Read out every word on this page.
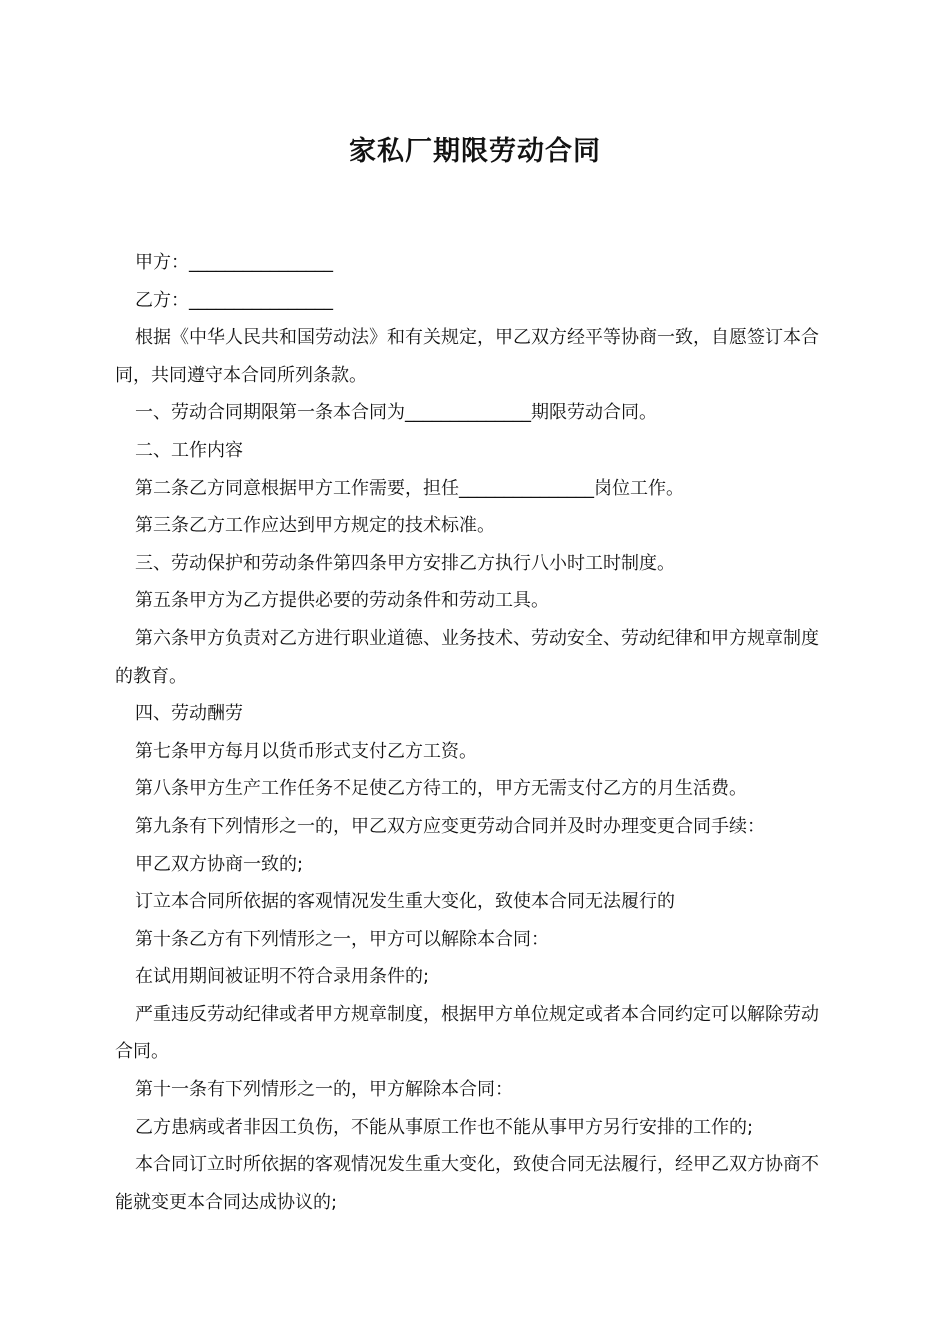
家私厂期限劳动合同

甲方：________________

乙方：________________

根据《中华人民共和国劳动法》和有关规定，甲乙双方经平等协商一致，自愿签订本合同，共同遵守本合同所列条款。

一、劳动合同期限第一条本合同为______________期限劳动合同。

二、工作内容

第二条乙方同意根据甲方工作需要，担任_______________岗位工作。

第三条乙方工作应达到甲方规定的技术标准。

三、劳动保护和劳动条件第四条甲方安排乙方执行八小时工时制度。

第五条甲方为乙方提供必要的劳动条件和劳动工具。

第六条甲方负责对乙方进行职业道德、业务技术、劳动安全、劳动纪律和甲方规章制度的教育。

四、劳动酬劳

第七条甲方每月以货币形式支付乙方工资。

第八条甲方生产工作任务不足使乙方待工的，甲方无需支付乙方的月生活费。

第九条有下列情形之一的，甲乙双方应变更劳动合同并及时办理变更合同手续：

甲乙双方协商一致的;

订立本合同所依据的客观情况发生重大变化，致使本合同无法履行的

第十条乙方有下列情形之一，甲方可以解除本合同：

在试用期间被证明不符合录用条件的;

严重违反劳动纪律或者甲方规章制度，根据甲方单位规定或者本合同约定可以解除劳动合同。

第十一条有下列情形之一的，甲方解除本合同：

乙方患病或者非因工负伤，不能从事原工作也不能从事甲方另行安排的工作的;

本合同订立时所依据的客观情况发生重大变化，致使合同无法履行，经甲乙双方协商不能就变更本合同达成协议的;
